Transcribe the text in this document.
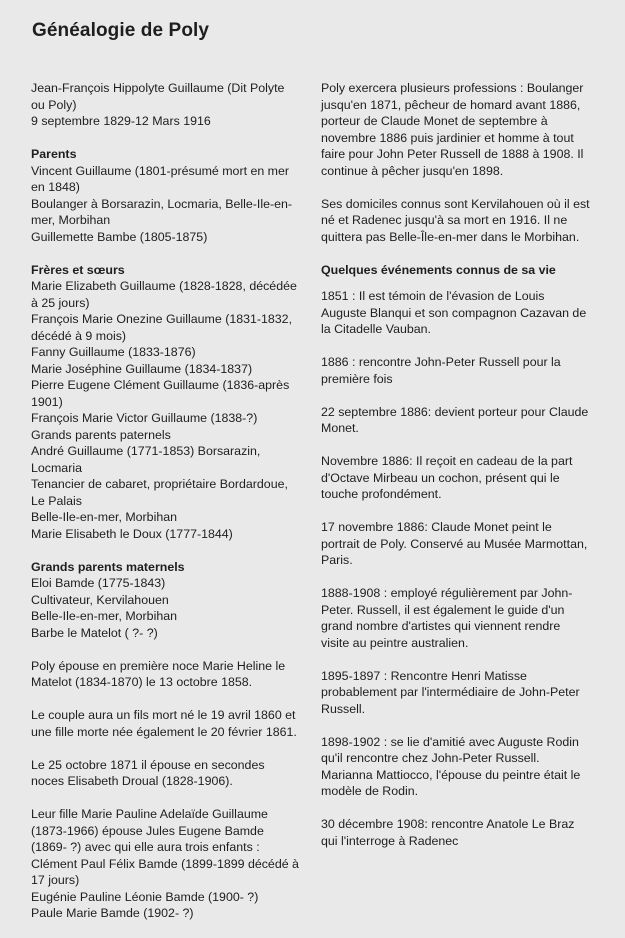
Généalogie de Poly
Jean-François Hippolyte Guillaume (Dit Polyte ou Poly)
9 septembre 1829-12 Mars 1916
Parents
Vincent Guillaume (1801-présumé mort en mer en 1848)
Boulanger à Borsarazin, Locmaria, Belle-Ile-en-mer, Morbihan
Guillemette Bambe (1805-1875)
Frères et sœurs
Marie Elizabeth Guillaume (1828-1828, décédée à 25 jours)
François Marie Onezine Guillaume (1831-1832, décédé à 9 mois)
Fanny Guillaume (1833-1876)
Marie Joséphine Guillaume (1834-1837)
Pierre Eugene Clément Guillaume (1836-après 1901)
François Marie Victor Guillaume (1838-?)
Grands parents paternels
André Guillaume (1771-1853) Borsarazin, Locmaria
Tenancier de cabaret, propriétaire Bordardoue, Le Palais
Belle-Ile-en-mer, Morbihan
Marie Elisabeth le Doux (1777-1844)
Grands parents maternels
Eloi Bamde (1775-1843)
Cultivateur, Kervilahouen
Belle-Ile-en-mer, Morbihan
Barbe le Matelot ( ?- ?)
Poly épouse en première noce Marie Heline le Matelot (1834-1870) le 13 octobre 1858.
Le couple aura un fils mort né le 19 avril 1860 et une fille morte née également le 20 février 1861.
Le 25 octobre 1871 il épouse en secondes noces Elisabeth Droual (1828-1906).
Leur fille Marie Pauline Adelaïde Guillaume (1873-1966) épouse Jules Eugene Bamde (1869- ?) avec qui elle aura trois enfants :
Clément Paul Félix Bamde (1899-1899 décédé à 17 jours)
Eugénie Pauline Léonie Bamde (1900- ?)
Paule Marie Bamde (1902- ?)
Poly exercera plusieurs professions : Boulanger jusqu'en 1871, pêcheur de homard avant 1886, porteur de Claude Monet de septembre à novembre 1886 puis jardinier et homme à tout faire pour John Peter Russell de 1888 à 1908. Il continue à pêcher jusqu'en 1898.
Ses domiciles connus sont Kervilahouen où il est né et Radenec jusqu'à sa mort en 1916. Il ne quittera pas Belle-Île-en-mer dans le Morbihan.
Quelques événements connus de sa vie
1851 : Il est témoin de l'évasion de Louis Auguste Blanqui et son compagnon Cazavan de la Citadelle Vauban.
1886 : rencontre John-Peter Russell pour la première fois
22 septembre 1886: devient porteur pour Claude Monet.
Novembre 1886: Il reçoit en cadeau de la part d'Octave Mirbeau un cochon, présent qui le touche profondément.
17 novembre 1886: Claude Monet peint le portrait de Poly. Conservé au Musée Marmottan, Paris.
1888-1908 : employé régulièrement par John-Peter. Russell, il est également le guide d'un grand nombre d'artistes qui viennent rendre visite au peintre australien.
1895-1897 : Rencontre Henri Matisse probablement par l'intermédiaire de John-Peter Russell.
1898-1902 : se lie d'amitié avec Auguste Rodin qu'il rencontre chez John-Peter Russell. Marianna Mattiocco, l'épouse du peintre était le modèle de Rodin.
30 décembre 1908: rencontre Anatole Le Braz qui l'interroge à Radenec
